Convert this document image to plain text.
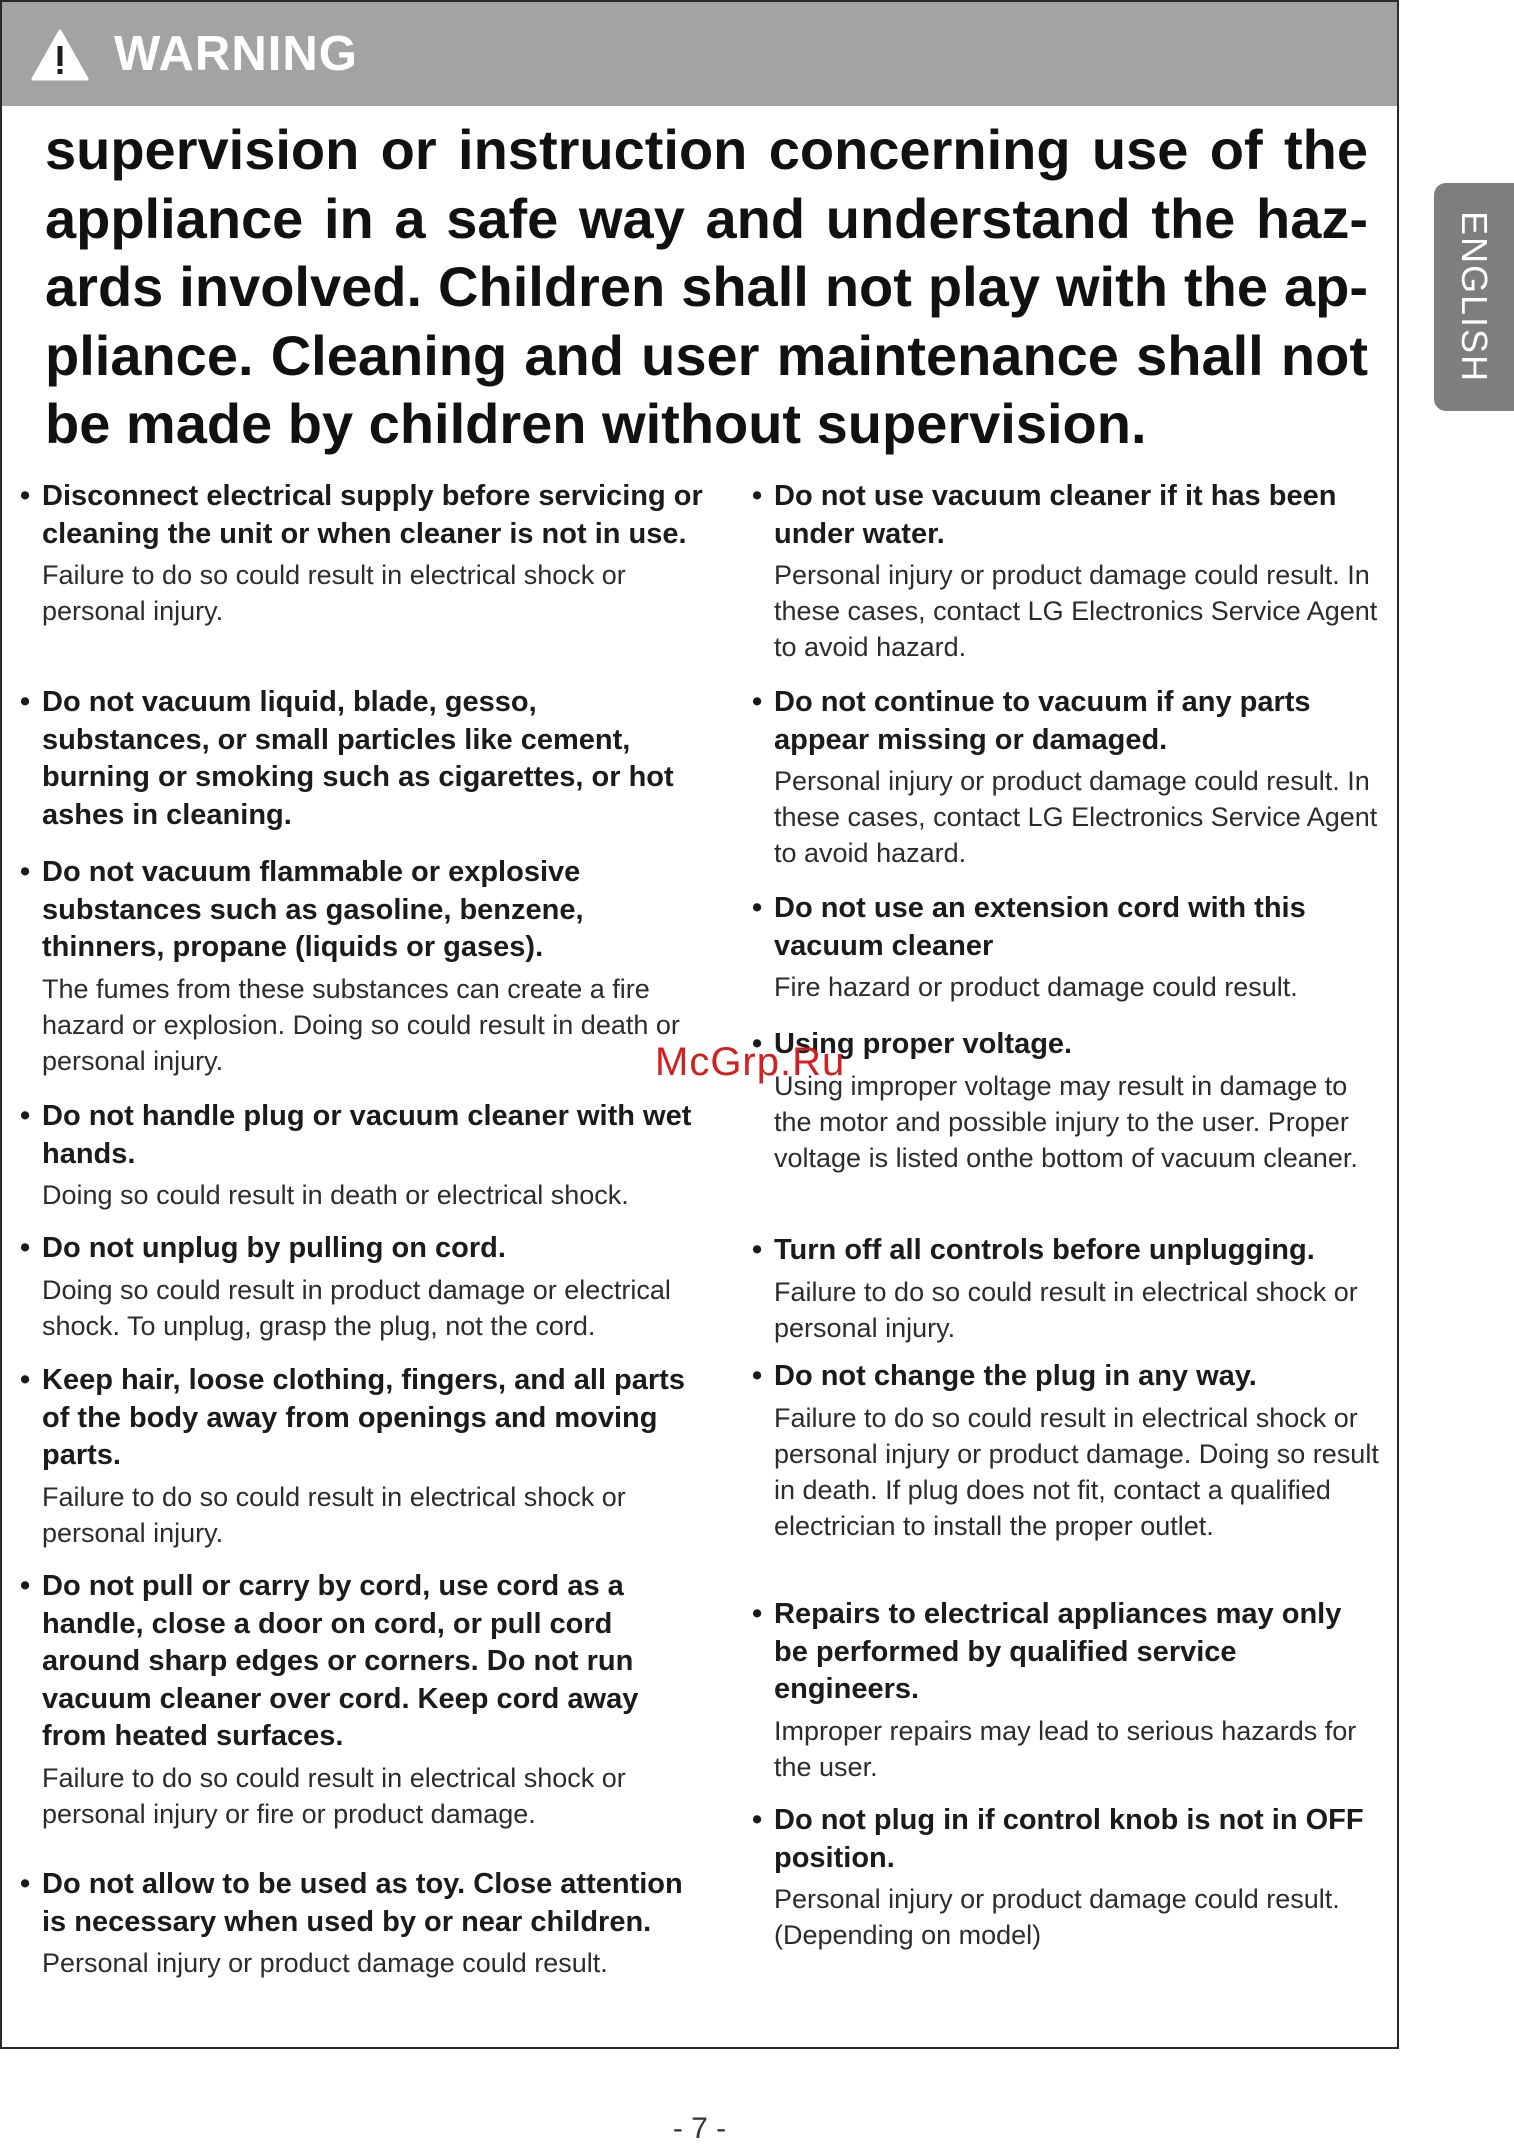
WARNING

supervision or instruction concerning use of the appliance in a safe way and understand the haz-ards involved. Children shall not play with the ap-pliance. Cleaning and user maintenance shall not be made by children without supervision.

• Disconnect electrical supply before servicing or cleaning the unit or when cleaner is not in use.
Failure to do so could result in electrical shock or personal injury.
• Do not vacuum liquid, blade, gesso, substances, or small particles like cement, burning or smoking such as cigarettes, or hot ashes in cleaning.
• Do not vacuum flammable or explosive substances such as gasoline, benzene, thinners, propane (liquids or gases).
The fumes from these substances can create a fire hazard or explosion. Doing so could result in death or personal injury.
• Do not handle plug or vacuum cleaner with wet hands.
Doing so could result in death or electrical shock.
• Do not unplug by pulling on cord.
Doing so could result in product damage or electrical shock. To unplug, grasp the plug, not the cord.
• Keep hair, loose clothing, fingers, and all parts of the body away from openings and moving parts.
Failure to do so could result in electrical shock or personal injury.
• Do not pull or carry by cord, use cord as a handle, close a door on cord, or pull cord around sharp edges or corners. Do not run vacuum cleaner over cord. Keep cord away from heated surfaces.
Failure to do so could result in electrical shock or personal injury or fire or product damage.
• Do not allow to be used as toy. Close attention is necessary when used by or near children.
Personal injury or product damage could result.
• Do not use vacuum cleaner if it has been under water.
Personal injury or product damage could result. In these cases, contact LG Electronics Service Agent to avoid hazard.
• Do not continue to vacuum if any parts appear missing or damaged.
Personal injury or product damage could result. In these cases, contact LG Electronics Service Agent to avoid hazard.
• Do not use an extension cord with this vacuum cleaner
Fire hazard or product damage could result.
• Using proper voltage.
Using improper voltage may result in damage to the motor and possible injury to the user. Proper voltage is listed onthe bottom of vacuum cleaner.
• Turn off all controls before unplugging.
Failure to do so could result in electrical shock or personal injury.
• Do not change the plug in any way.
Failure to do so could result in electrical shock or personal injury or product damage. Doing so result in death. If plug does not fit, contact a qualified electrician to install the proper outlet.
• Repairs to electrical appliances may only be performed by qualified service engineers.
Improper repairs may lead to serious hazards for the user.
• Do not plug in if control knob is not in OFF position.
Personal injury or product damage could result. (Depending on model)
ENGLISH
McGrp.Ru
- 7 -
